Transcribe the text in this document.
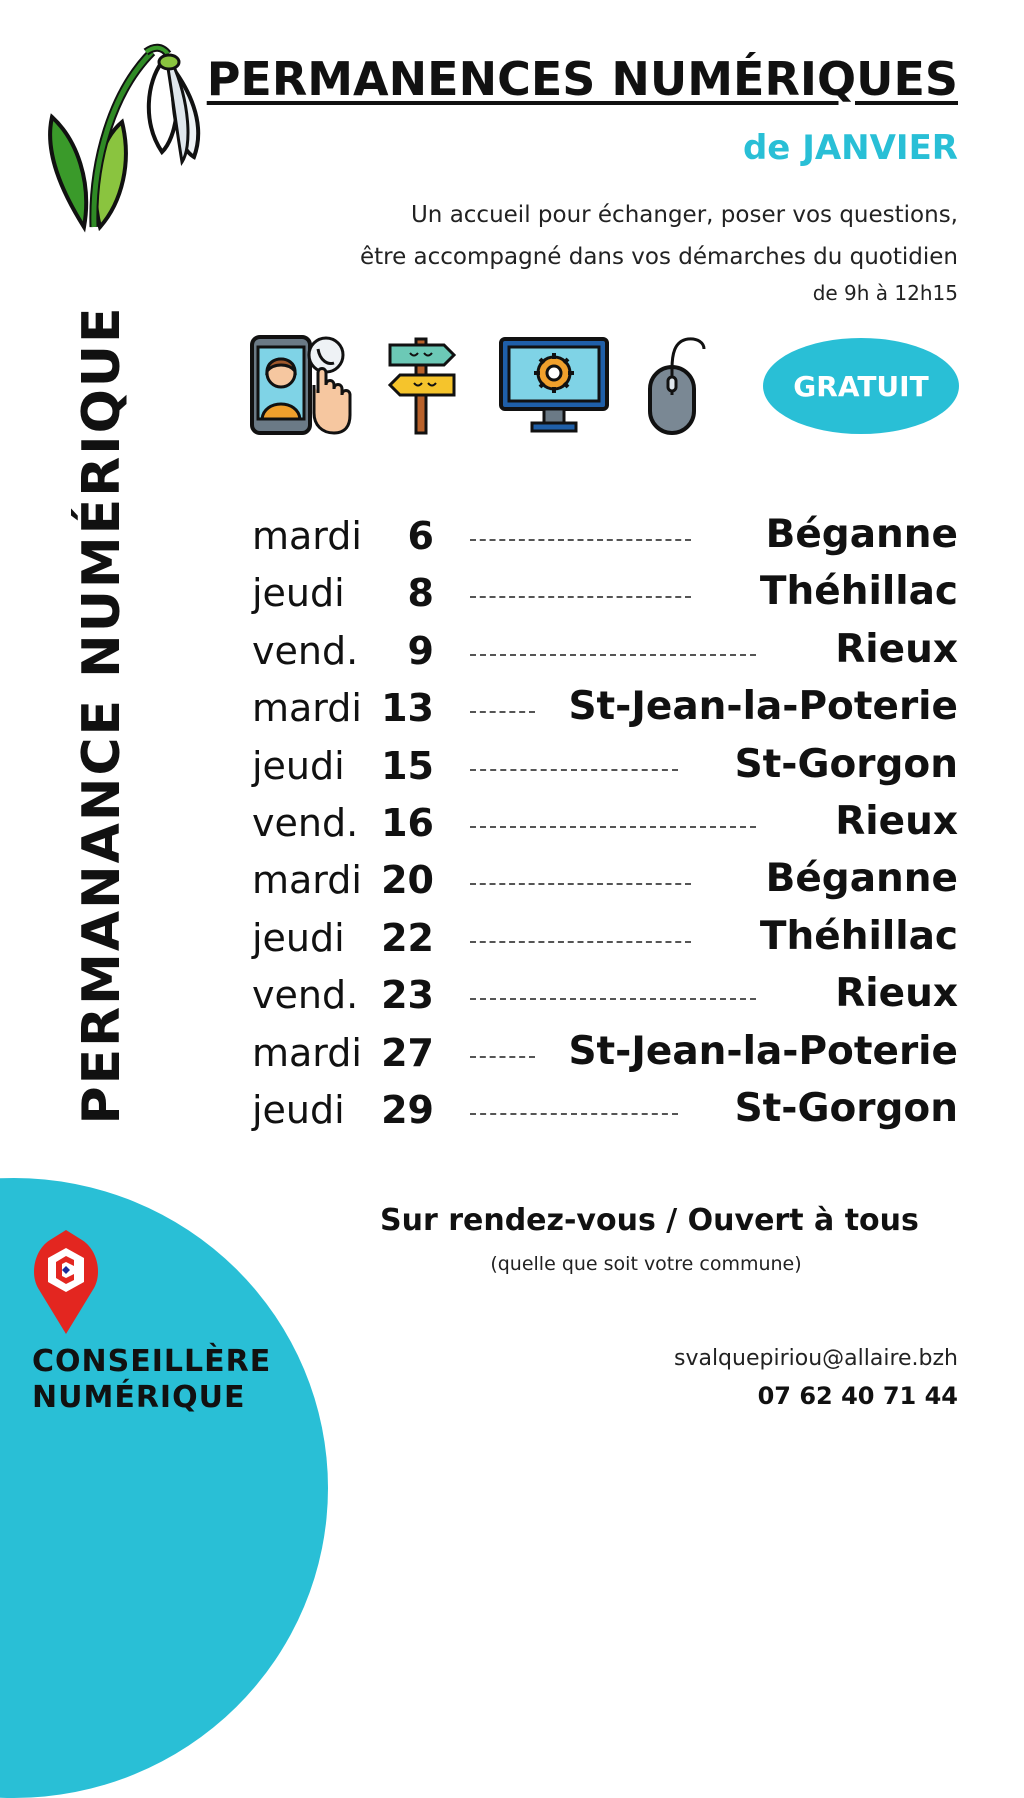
PERMANANCE NUMÉRIQUE
PERMANENCES NUMÉRIQUES
de JANVIER
Un accueil pour échanger, poser vos questions,
être accompagné dans vos démarches du quotidien
de 9h à 12h15
GRATUIT
mardi	6	Béganne
jeudi	8	Théhillac
vend.	9	Rieux
mardi 13	St-Jean-la-Poterie
jeudi 15	St-Gorgon
vend. 16	Rieux
mardi 20	Béganne
jeudi 22	Théhillac
vend. 23	Rieux
mardi 27	St-Jean-la-Poterie
jeudi 29	St-Gorgon
Sur rendez-vous / Ouvert à tous
(quelle que soit votre commune)
CONSEILLÈRE
NUMÉRIQUE
svalquepiriou@allaire.bzh
07 62 40 71 44
